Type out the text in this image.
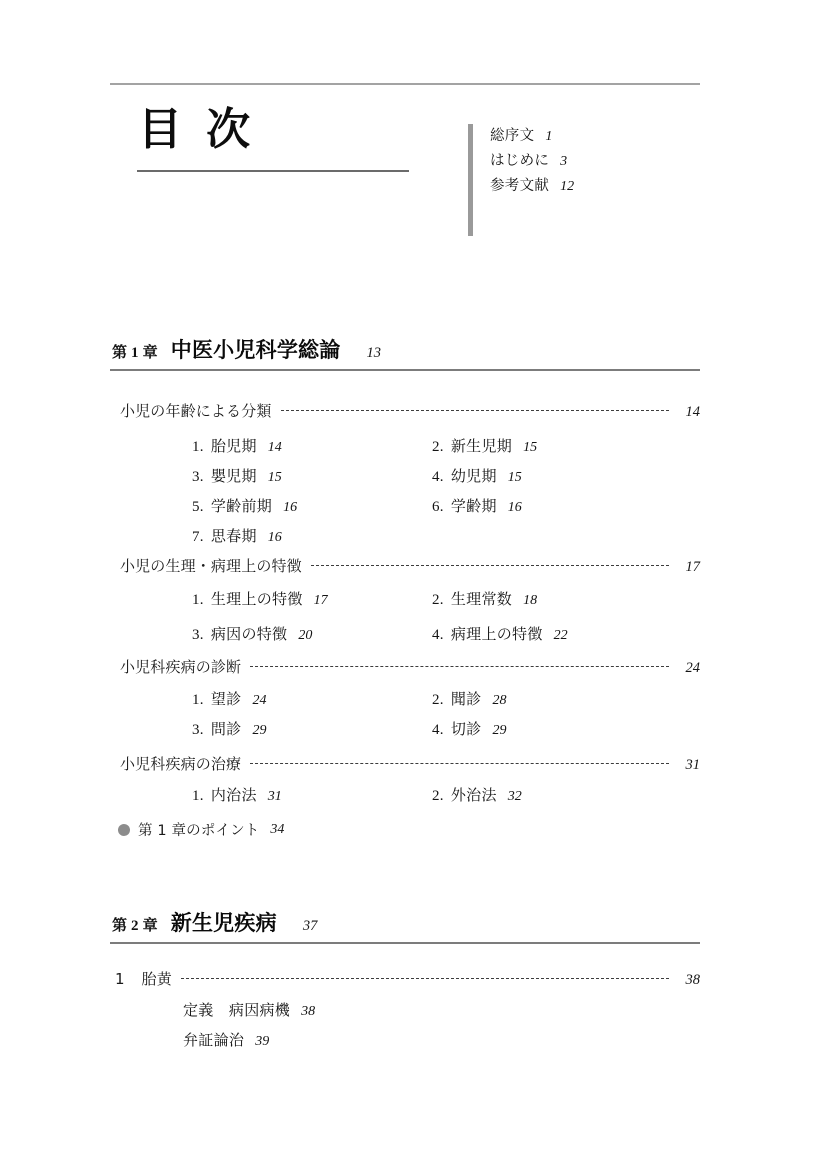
目 次	総序文 1
はじめに 3
参考文献 12
第 1 章 中医小児科学総論 13
小児の年齢による分類	14
1. 胎児期 14	2. 新生児期 15
3. 嬰児期 15	4. 幼児期 15
5. 学齢前期 16	6. 学齢期 16
7. 思春期 16
小児の生理・病理上の特徴	17
1. 生理上の特徴 17	2. 生理常数 18
3. 病因の特徴 20	4. 病理上の特徴 22
小児科疾病の診断	24
1. 望診 24	2. 聞診 28
3. 問診 29	4. 切診 29
小児科疾病の治療	31
1. 内治法 31	2. 外治法 32
第 1 章のポイント 34
第 2 章 新生児疾病 37
1	胎黄	38
定義　病因病機 38
弁証論治 39
